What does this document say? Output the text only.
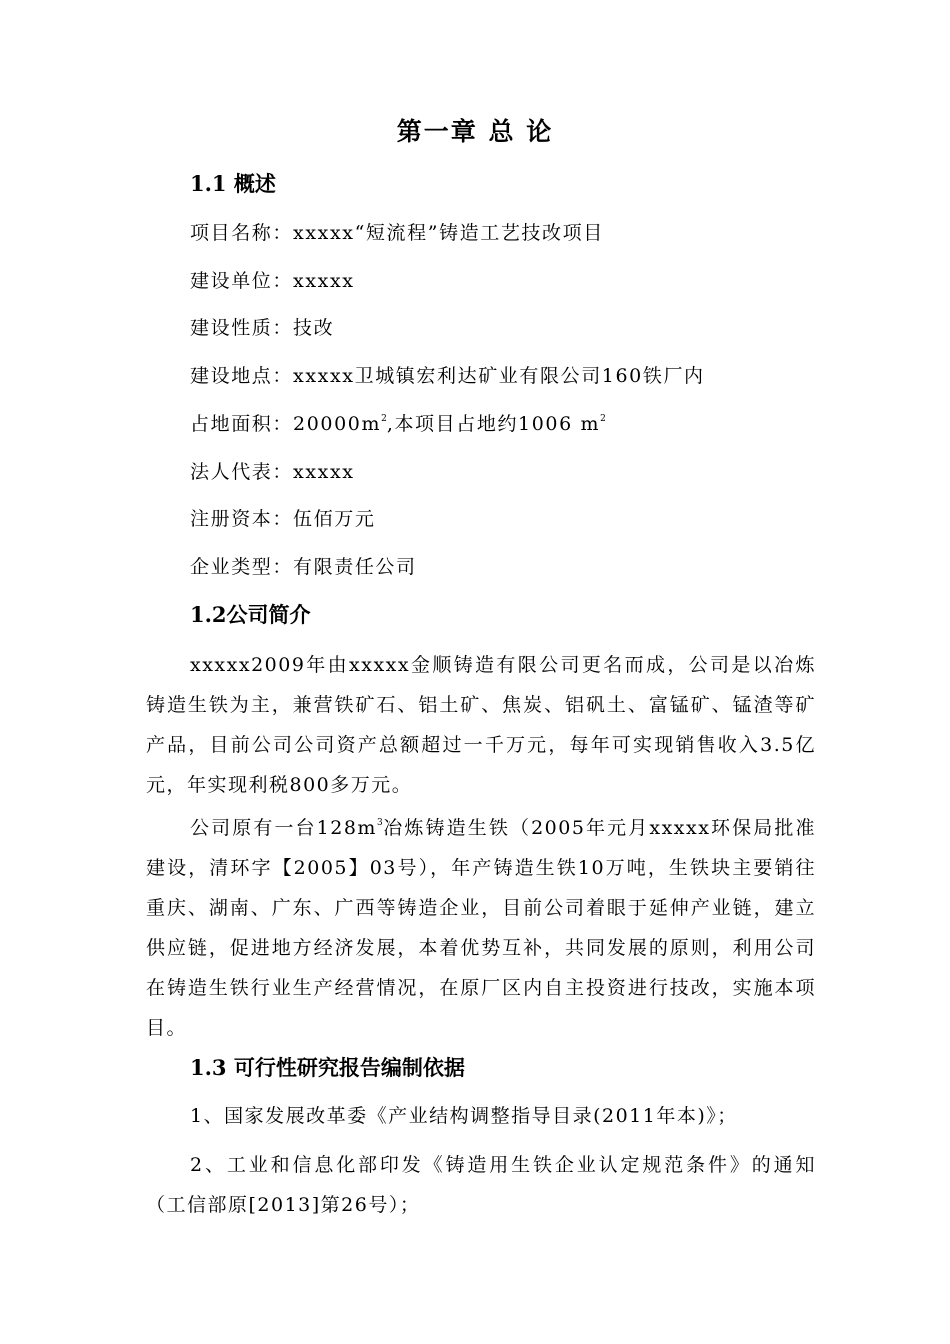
第一章 总 论
1.1 概述
项目名称：xxxxx“短流程”铸造工艺技改项目
建设单位：xxxxx
建设性质：技改
建设地点：xxxxx卫城镇宏利达矿业有限公司160铁厂内
占地面积：$20000m^2$,本项目占地约1006 $m^2$
法人代表：xxxxx
注册资本：伍佰万元
企业类型：有限责任公司
1.2公司简介

xxxxx2009年由xxxxx金顺铸造有限公司更名而成，公司是以冶炼铸造生铁为主，兼营铁矿石、铝土矿、焦炭、铝矾土、富锰矿、锰渣等矿产品，目前公司公司资产总额超过一千万元，每年可实现销售收入3.5亿元，年实现利税800多万元。

公司原有一台$128m^3$冶炼铸造生铁（2005年元月xxxxx环保局批准建设，清环字【2005】03号），年产铸造生铁10万吨，生铁块主要销往重庆、湖南、广东、广西等铸造企业，目前公司着眼于延伸产业链，建立供应链，促进地方经济发展，本着优势互补，共同发展的原则，利用公司在铸造生铁行业生产经营情况，在原厂区内自主投资进行技改，实施本项目。

1.3 可行性研究报告编制依据

1、国家发展改革委《产业结构调整指导目录(2011年本)》；

2、工业和信息化部印发《铸造用生铁企业认定规范条件》的通知（工信部原[2013]第26号）；
